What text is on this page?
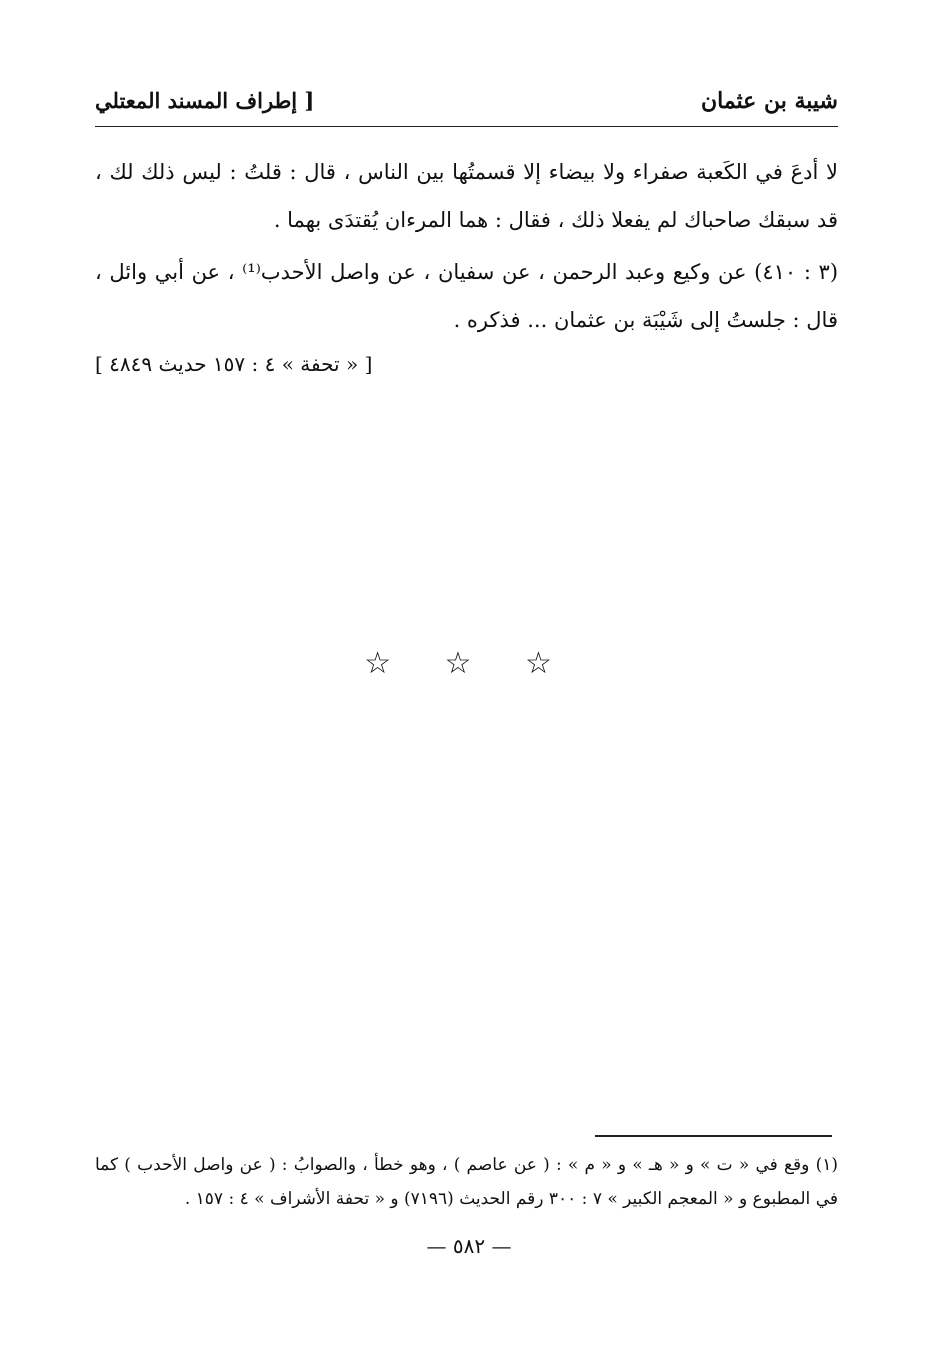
شيبة بن عثمان
[ إطراف المسند المعتلي
لا أدعَ في الكَعبة صفراء ولا بيضاء إلا قسمتُها بين الناس ، قال : قلتُ : ليس ذلك لك ، قد سبقك صاحباك لم يفعلا ذلك ، فقال : هما المرءان يُقتدَى بهما .
(٣ : ٤١٠) عن وكيع وعبد الرحمن ، عن سفيان ، عن واصل الأحدب⁽¹⁾ ، عن أبي وائل ، قال : جلستُ إلى شَيْبَة بن عثمان ... فذكره .
[ « تحفة » ٤ : ١٥٧ حديث ٤٨٤٩ ]
☆ ☆ ☆
(١) وقع في « ت » و « هـ » و « م » : ( عن عاصم ) ، وهو خطأ ، والصوابُ : ( عن واصل الأحدب ) كما في المطبوع و « المعجم الكبير » ٧ : ٣٠٠ رقم الحديث (٧١٩٦) و « تحفة الأشراف » ٤ : ١٥٧ .
— ٥٨٢ —
